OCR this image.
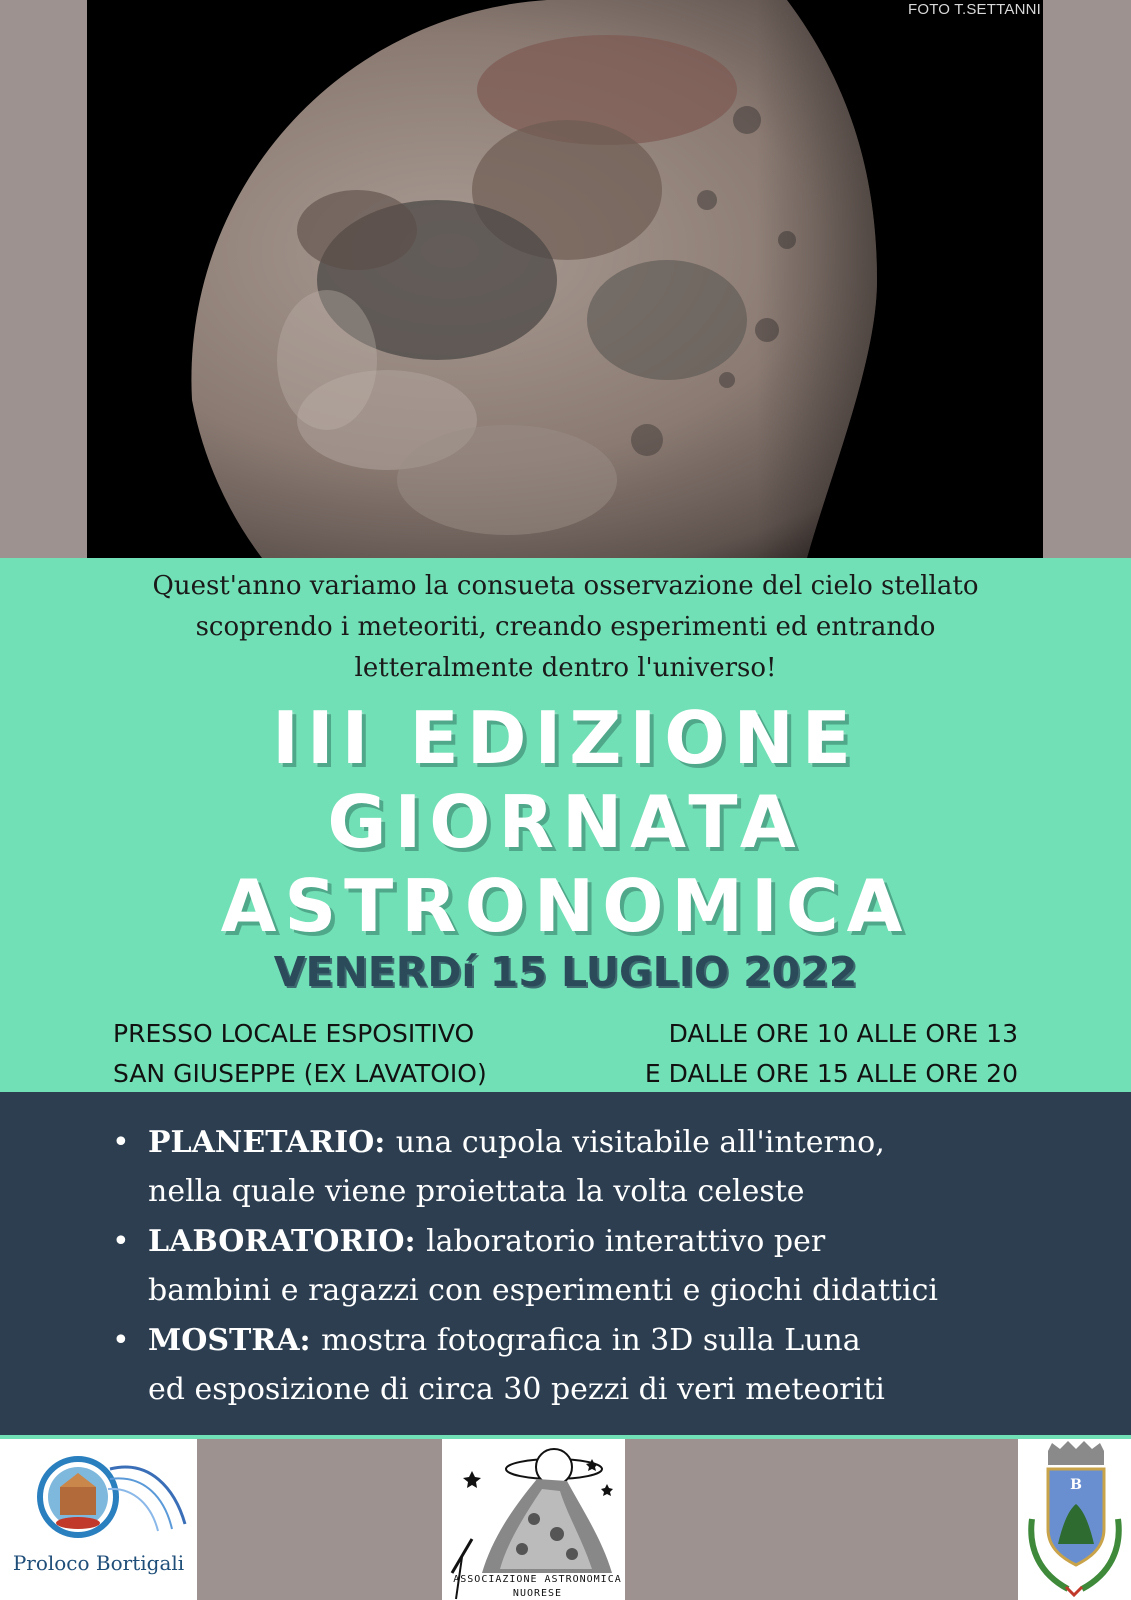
FOTO T.SETTANNI
Quest'anno variamo la consueta osservazione del cielo stellato
scoprendo i meteoriti, creando esperimenti ed entrando
letteralmente dentro l'universo!
III EDIZIONE
GIORNATA
ASTRONOMICA
VENERDí 15 LUGLIO 2022
PRESSO LOCALE ESPOSITIVO
SAN GIUSEPPE (EX LAVATOIO)
DALLE ORE 10 ALLE ORE 13
E DALLE ORE 15 ALLE ORE 20
• PLANETARIO: una cupola visitabile all'interno,
nella quale viene proiettata la volta celeste
• LABORATORIO: laboratorio interattivo per
bambini e ragazzi con esperimenti e giochi didattici
• MOSTRA: mostra fotografica in 3D sulla Luna
ed esposizione di circa 30 pezzi di veri meteoriti
Proloco Bortigali
ASSOCIAZIONE ASTRONOMICA
NUORESE
B
